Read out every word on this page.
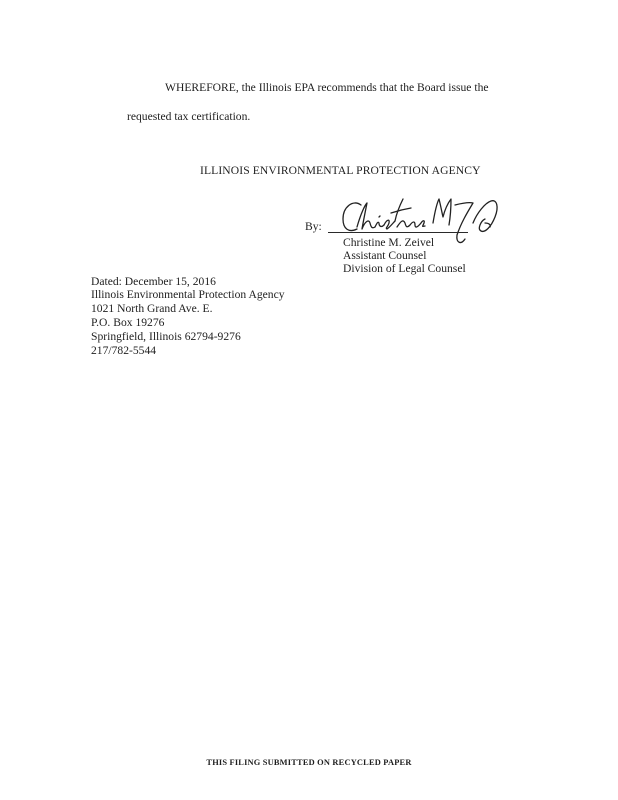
WHEREFORE, the Illinois EPA recommends that the Board issue the
requested tax certification.
ILLINOIS ENVIRONMENTAL PROTECTION AGENCY
By:
Christine M. Zeivel
Assistant Counsel
Division of Legal Counsel
Dated: December 15, 2016
Illinois Environmental Protection Agency
1021 North Grand Ave. E.
P.O. Box 19276
Springfield, Illinois 62794-9276
217/782-5544
THIS FILING SUBMITTED ON RECYCLED PAPER
